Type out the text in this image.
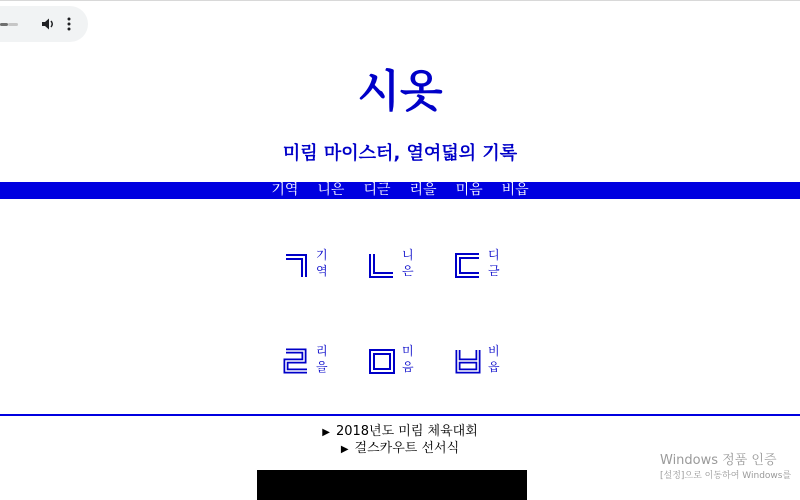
시옷
미림 마이스터, 열여덟의 기록
기역 니은 디귿 리을 미음 비읍
기역
니은
디귿
리을
미음
비읍
▶ 2018년도 미림 체육대회
▶ 걸스카우트 선서식
Windows 정품 인증
[설정]으로 이동하여 Windows를
